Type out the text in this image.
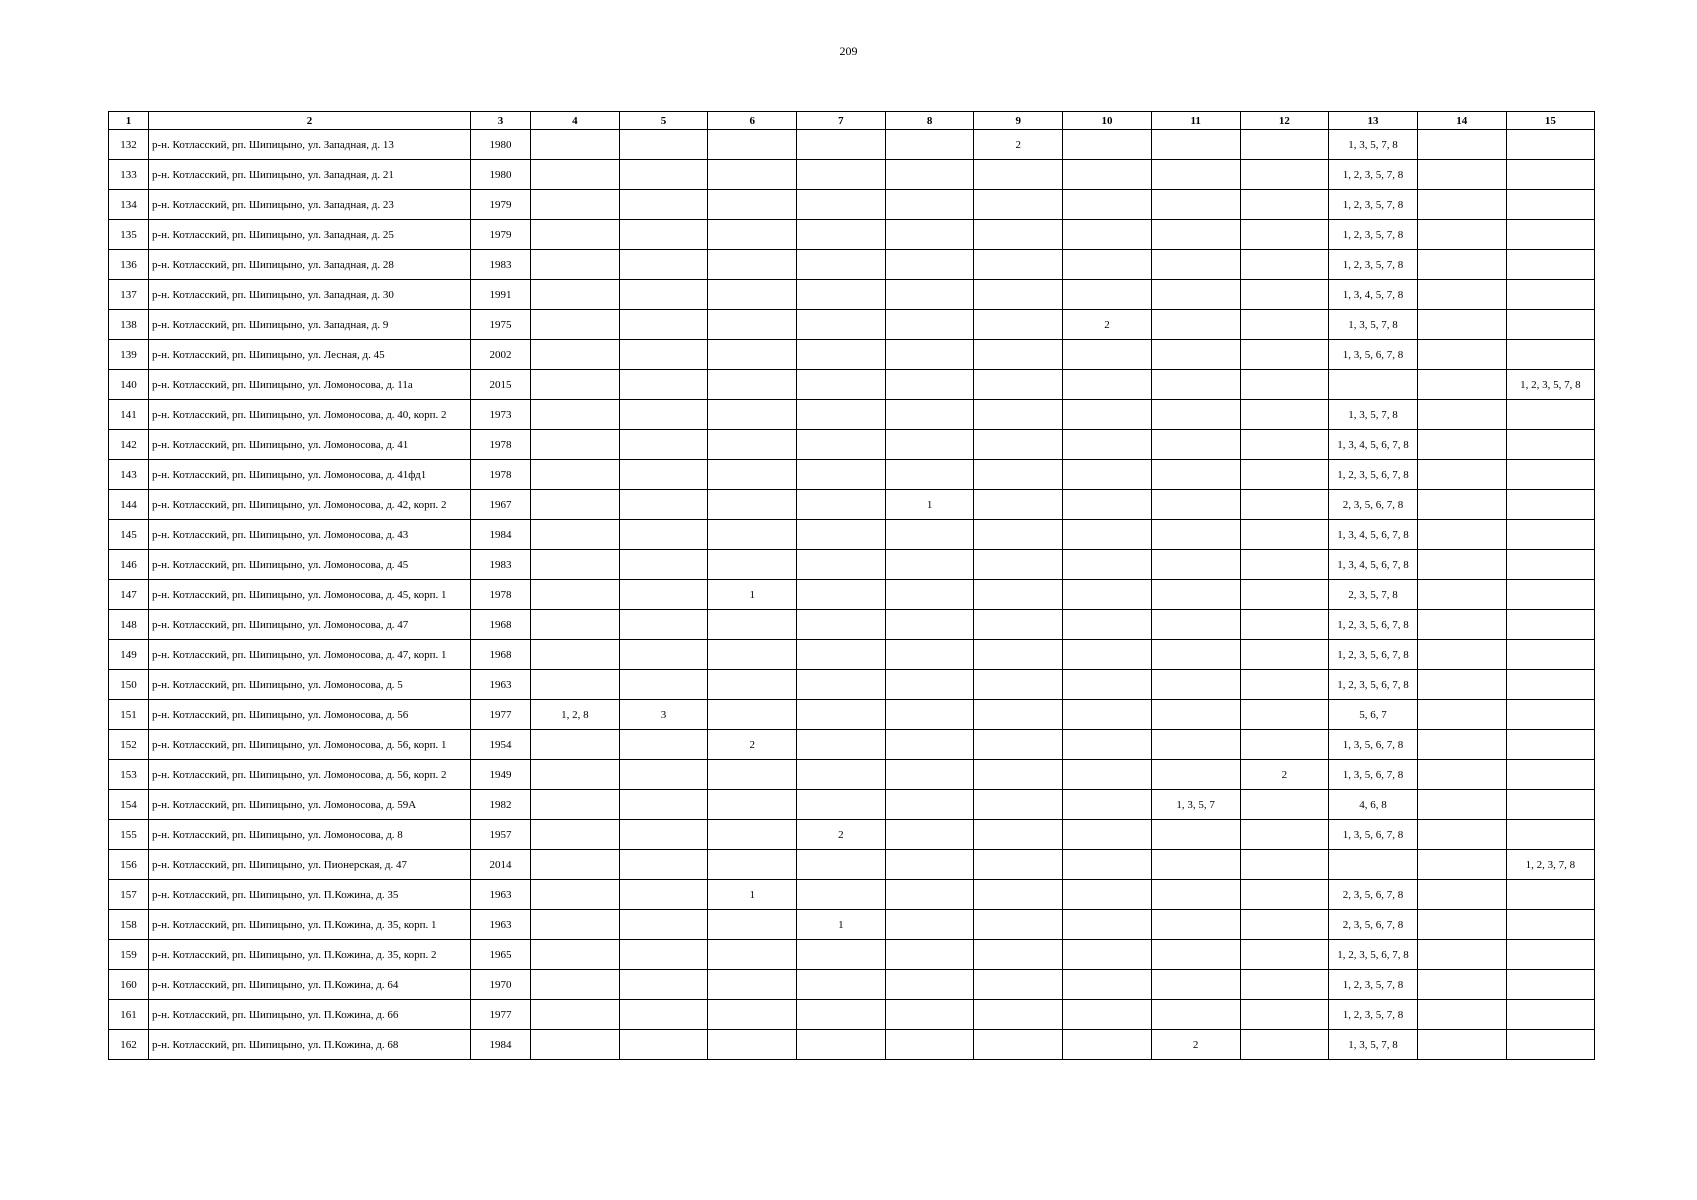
209
1	2	3	4	5	6	7	8	9	10	11	12	13	14	15
132	р-н. Котласский, рп. Шипицыно, ул. Западная, д. 13	1980						2				1, 3, 5, 7, 8		
133	р-н. Котласский, рп. Шипицыно, ул. Западная, д. 21	1980										1, 2, 3, 5, 7, 8		
134	р-н. Котласский, рп. Шипицыно, ул. Западная, д. 23	1979										1, 2, 3, 5, 7, 8		
135	р-н. Котласский, рп. Шипицыно, ул. Западная, д. 25	1979										1, 2, 3, 5, 7, 8		
136	р-н. Котласский, рп. Шипицыно, ул. Западная, д. 28	1983										1, 2, 3, 5, 7, 8		
137	р-н. Котласский, рп. Шипицыно, ул. Западная, д. 30	1991										1, 3, 4, 5, 7, 8		
138	р-н. Котласский, рп. Шипицыно, ул. Западная, д. 9	1975							2			1, 3, 5, 7, 8		
139	р-н. Котласский, рп. Шипицыно, ул. Лесная, д. 45	2002										1, 3, 5, 6, 7, 8		
140	р-н. Котласский, рп. Шипицыно, ул. Ломоносова, д. 11а	2015												1, 2, 3, 5, 7, 8
141	р-н. Котласский, рп. Шипицыно, ул. Ломоносова, д. 40, корп. 2	1973										1, 3, 5, 7, 8		
142	р-н. Котласский, рп. Шипицыно, ул. Ломоносова, д. 41	1978										1, 3, 4, 5, 6, 7, 8		
143	р-н. Котласский, рп. Шипицыно, ул. Ломоносова, д. 41фд1	1978										1, 2, 3, 5, 6, 7, 8		
144	р-н. Котласский, рп. Шипицыно, ул. Ломоносова, д. 42, корп. 2	1967					1					2, 3, 5, 6, 7, 8		
145	р-н. Котласский, рп. Шипицыно, ул. Ломоносова, д. 43	1984										1, 3, 4, 5, 6, 7, 8		
146	р-н. Котласский, рп. Шипицыно, ул. Ломоносова, д. 45	1983										1, 3, 4, 5, 6, 7, 8		
147	р-н. Котласский, рп. Шипицыно, ул. Ломоносова, д. 45, корп. 1	1978			1							2, 3, 5, 7, 8		
148	р-н. Котласский, рп. Шипицыно, ул. Ломоносова, д. 47	1968										1, 2, 3, 5, 6, 7, 8		
149	р-н. Котласский, рп. Шипицыно, ул. Ломоносова, д. 47, корп. 1	1968										1, 2, 3, 5, 6, 7, 8		
150	р-н. Котласский, рп. Шипицыно, ул. Ломоносова, д. 5	1963										1, 2, 3, 5, 6, 7, 8		
151	р-н. Котласский, рп. Шипицыно, ул. Ломоносова, д. 56	1977	1, 2, 8	3								5, 6, 7		
152	р-н. Котласский, рп. Шипицыно, ул. Ломоносова, д. 56, корп. 1	1954			2							1, 3, 5, 6, 7, 8		
153	р-н. Котласский, рп. Шипицыно, ул. Ломоносова, д. 56, корп. 2	1949									2	1, 3, 5, 6, 7, 8		
154	р-н. Котласский, рп. Шипицыно, ул. Ломоносова, д. 59А	1982								1, 3, 5, 7		4, 6, 8		
155	р-н. Котласский, рп. Шипицыно, ул. Ломоносова, д. 8	1957				2						1, 3, 5, 6, 7, 8		
156	р-н. Котласский, рп. Шипицыно, ул. Пионерская, д. 47	2014												1, 2, 3, 7, 8
157	р-н. Котласский, рп. Шипицыно, ул. П.Кожина, д. 35	1963			1							2, 3, 5, 6, 7, 8		
158	р-н. Котласский, рп. Шипицыно, ул. П.Кожина, д. 35, корп. 1	1963				1						2, 3, 5, 6, 7, 8		
159	р-н. Котласский, рп. Шипицыно, ул. П.Кожина, д. 35, корп. 2	1965										1, 2, 3, 5, 6, 7, 8		
160	р-н. Котласский, рп. Шипицыно, ул. П.Кожина, д. 64	1970										1, 2, 3, 5, 7, 8		
161	р-н. Котласский, рп. Шипицыно, ул. П.Кожина, д. 66	1977										1, 2, 3, 5, 7, 8		
162	р-н. Котласский, рп. Шипицыно, ул. П.Кожина, д. 68	1984								2		1, 3, 5, 7, 8		
